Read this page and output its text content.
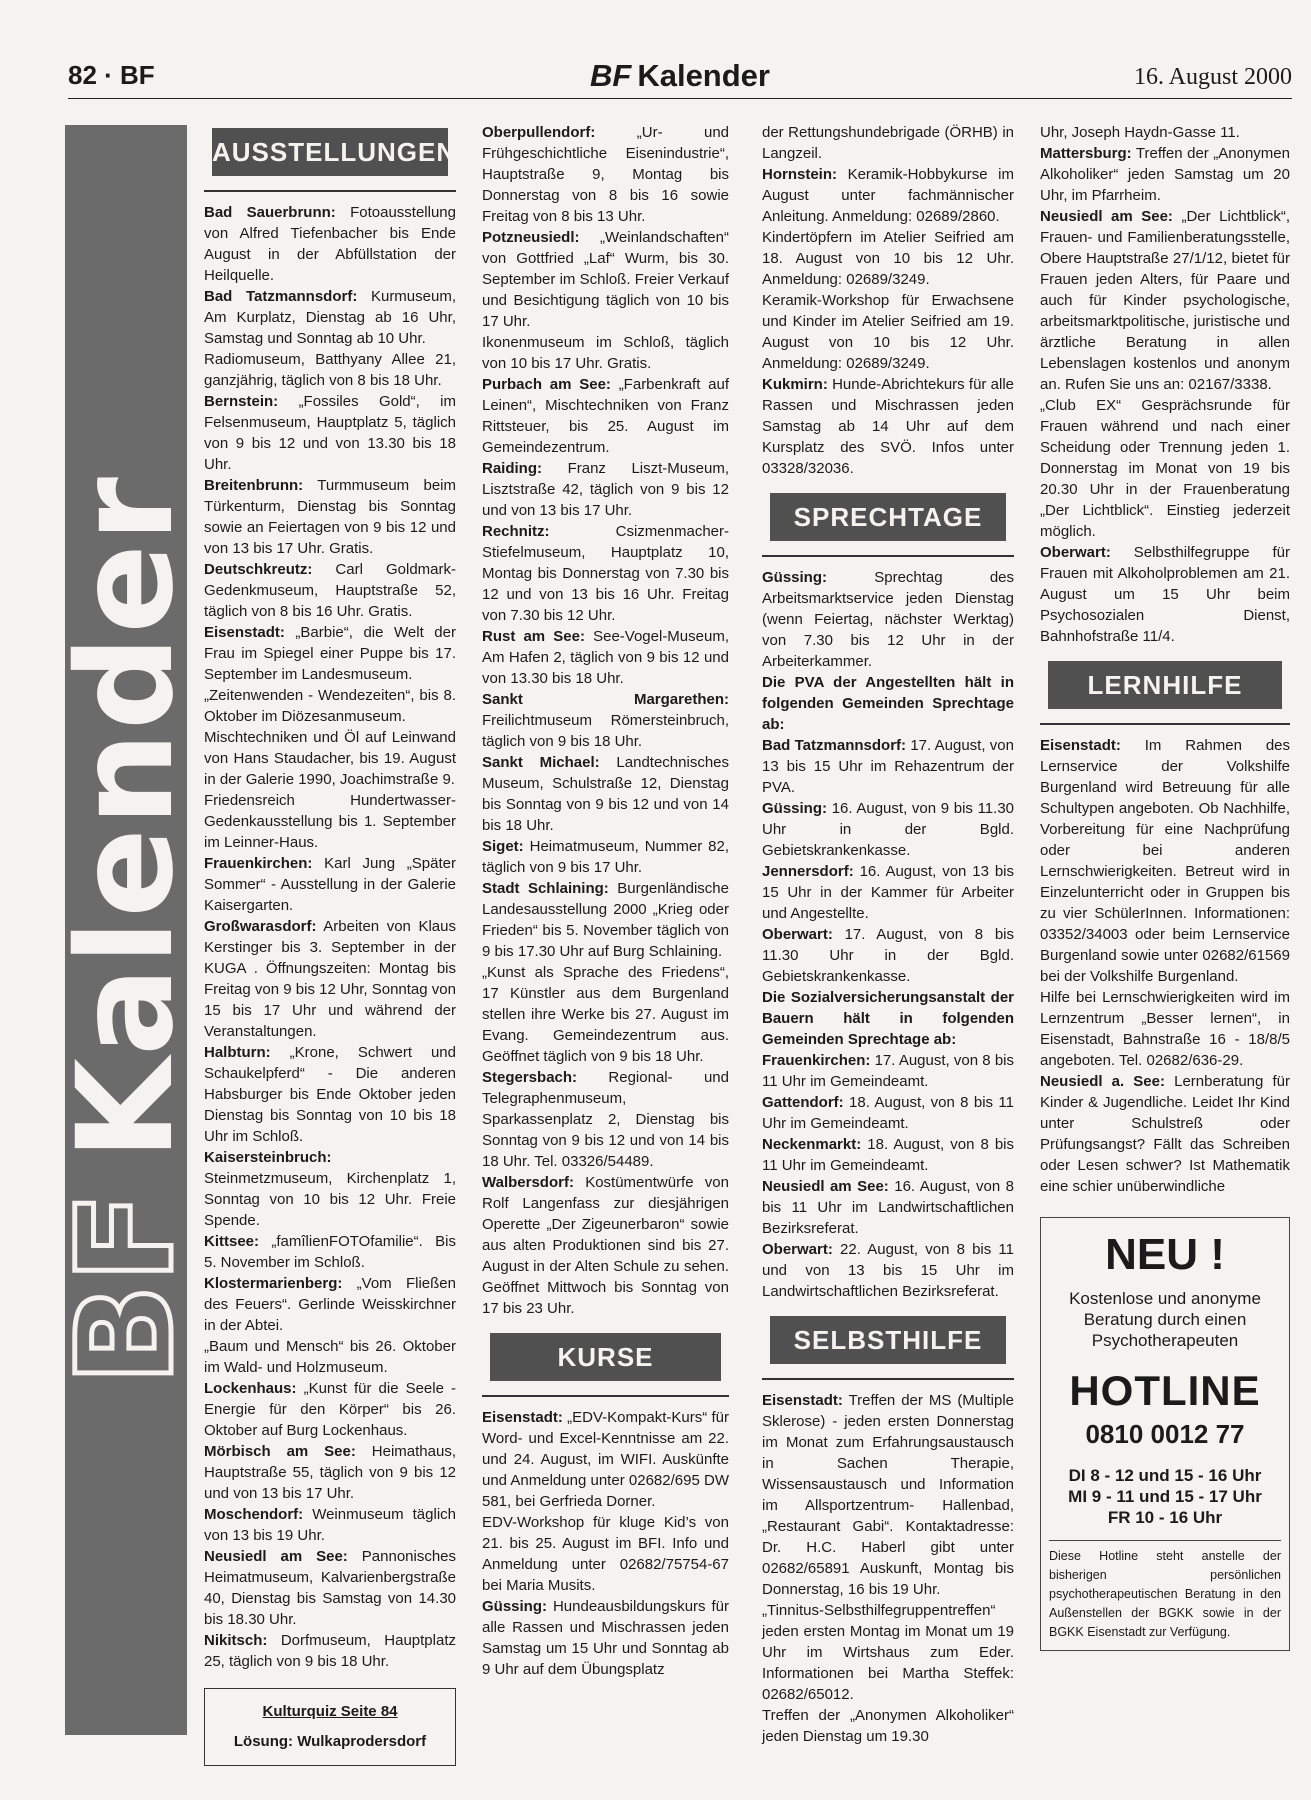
82 · BF	BF Kalender	16. August 2000
BFKalender
AUSSTELLUNGEN

Bad Sauerbrunn: Fotoausstellung von Alfred Tiefenbacher bis Ende August in der Abfüllstation der Heilquelle.

Bad Tatzmannsdorf: Kurmuseum, Am Kurplatz, Dienstag ab 16 Uhr, Samstag und Sonntag ab 10 Uhr.

Radiomuseum, Batthyany Allee 21, ganzjährig, täglich von 8 bis 18 Uhr.

Bernstein: „Fossiles Gold“, im Felsenmuseum, Hauptplatz 5, täglich von 9 bis 12 und von 13.30 bis 18 Uhr.

Breitenbrunn: Turmmuseum beim Türkenturm, Dienstag bis Sonntag sowie an Feiertagen von 9 bis 12 und von 13 bis 17 Uhr. Gratis.

Deutschkreutz: Carl Goldmark-Gedenkmuseum, Hauptstraße 52, täglich von 8 bis 16 Uhr. Gratis.

Eisenstadt: „Barbie“, die Welt der Frau im Spiegel einer Puppe bis 17. September im Landesmuseum.

„Zeitenwenden - Wendezeiten“, bis 8. Oktober im Diözesanmuseum.

Mischtechniken und Öl auf Leinwand von Hans Staudacher, bis 19. August in der Galerie 1990, Joachimstraße 9.

Friedensreich Hundertwasser-Gedenkausstellung bis 1. September im Leinner-Haus.

Frauenkirchen: Karl Jung „Später Sommer“ - Ausstellung in der Galerie Kaisergarten.

Großwarasdorf: Arbeiten von Klaus Kerstinger bis 3. September in der KUGA . Öffnungszeiten: Montag bis Freitag von 9 bis 12 Uhr, Sonntag von 15 bis 17 Uhr und während der Veranstaltungen.

Halbturn: „Krone, Schwert und Schaukelpferd“ - Die anderen Habsburger bis Ende Oktober jeden Dienstag bis Sonntag von 10 bis 18 Uhr im Schloß.

Kaisersteinbruch: Steinmetzmuseum, Kirchenplatz 1, Sonntag von 10 bis 12 Uhr. Freie Spende.

Kittsee: „famîlienFOTOfamilie“. Bis 5. November im Schloß.

Klostermarienberg: „Vom Fließen des Feuers“. Gerlinde Weisskirchner in der Abtei.

„Baum und Mensch“ bis 26. Oktober im Wald- und Holzmuseum.

Lockenhaus: „Kunst für die Seele - Energie für den Körper“ bis 26. Oktober auf Burg Lockenhaus.

Mörbisch am See: Heimathaus, Hauptstraße 55, täglich von 9 bis 12 und von 13 bis 17 Uhr.

Moschendorf: Weinmuseum täglich von 13 bis 19 Uhr.

Neusiedl am See: Pannonisches Heimatmuseum, Kalvarienbergstraße 40, Dienstag bis Samstag von 14.30 bis 18.30 Uhr.

Nikitsch: Dorfmuseum, Hauptplatz 25, täglich von 9 bis 18 Uhr.

Kulturquiz Seite 84
Lösung: Wulkaprodersdorf

Oberpullendorf:	„Ur- und Frühgeschichtliche Eisenindustrie“, Hauptstraße 9, Montag bis Donnerstag von 8 bis 16 sowie Freitag von 8 bis 13 Uhr.

Potzneusiedl: „Weinlandschaften“ von Gottfried „Laf“ Wurm, bis 30. September im Schloß. Freier Verkauf und Besichtigung täglich von 10 bis 17 Uhr.

Ikonenmuseum im Schloß, täglich von 10 bis 17 Uhr. Gratis.

Purbach am See: „Farbenkraft auf Leinen“, Mischtechniken von Franz Rittsteuer, bis 25. August im Gemeindezentrum.

Raiding: Franz Liszt-Museum, Lisztstraße 42, täglich von 9 bis 12 und von 13 bis 17 Uhr.

Rechnitz:	Csizmenmacher-Stiefelmuseum, Hauptplatz 10, Montag bis Donnerstag von 7.30 bis 12 und von 13 bis 16 Uhr. Freitag von 7.30 bis 12 Uhr.

Rust am See: See-Vogel-Museum, Am Hafen 2, täglich von 9 bis 12 und von 13.30 bis 18 Uhr.

Sankt Margarethen: Freilichtmuseum Römersteinbruch, täglich von 9 bis 18 Uhr.

Sankt Michael: Landtechnisches Museum, Schulstraße 12, Dienstag bis Sonntag von 9 bis 12 und von 14 bis 18 Uhr.

Siget: Heimatmuseum, Nummer 82, täglich von 9 bis 17 Uhr.

Stadt Schlaining: Burgenländische Landesausstellung 2000 „Krieg oder Frieden“ bis 5. November täglich von 9 bis 17.30 Uhr auf Burg Schlaining.

„Kunst als Sprache des Friedens“, 17 Künstler aus dem Burgenland stellen ihre Werke bis 27. August im Evang. Gemeindezentrum aus. Geöffnet täglich von 9 bis 18 Uhr.

Stegersbach: Regional- und Telegraphenmuseum, Sparkassenplatz 2, Dienstag bis Sonntag von 9 bis 12 und von 14 bis 18 Uhr. Tel. 03326/54489.

Walbersdorf: Kostümentwürfe von Rolf Langenfass zur diesjährigen Operette „Der Zigeunerbaron“ sowie aus alten Produktionen sind bis 27. August in der Alten Schule zu sehen. Geöffnet Mittwoch bis Sonntag von 17 bis 23 Uhr.

KURSE

Eisenstadt: „EDV-Kompakt-Kurs“ für Word- und Excel-Kenntnisse am 22. und 24. August, im WIFI. Auskünfte und Anmeldung unter 02682/695 DW 581, bei Gerfrieda Dorner.

EDV-Workshop für kluge Kid’s von 21. bis 25. August im BFI. Info und Anmeldung unter 02682/75754-67 bei Maria Musits.

Güssing: Hundeausbildungskurs für alle Rassen und Mischrassen jeden Samstag um 15 Uhr und Sonntag ab 9 Uhr auf dem Übungsplatz

der Rettungshundebrigade (ÖRHB) in Langzeil.

Hornstein: Keramik-Hobbykurse im August unter fachmännischer Anleitung. Anmeldung: 02689/2860.

Kindertöpfern im Atelier Seifried am 18. August von 10 bis 12 Uhr. Anmeldung: 02689/3249.

Keramik-Workshop für Erwachsene und Kinder im Atelier Seifried am 19. August von 10 bis 12 Uhr. Anmeldung: 02689/3249.

Kukmirn: Hunde-Abrichtekurs für alle Rassen und Mischrassen jeden Samstag ab 14 Uhr auf dem Kursplatz des SVÖ. Infos unter 03328/32036.

SPRECHTAGE

Güssing:	Sprechtag des Arbeitsmarktservice jeden Dienstag (wenn Feiertag, nächster Werktag) von 7.30 bis 12 Uhr in der Arbeiterkammer.

Die PVA der Angestellten hält in folgenden Gemeinden Sprechtage ab:

Bad Tatzmannsdorf: 17. August, von 13 bis 15 Uhr im Rehazentrum der PVA.

Güssing: 16. August, von 9 bis 11.30 Uhr in der Bgld. Gebietskrankenkasse.

Jennersdorf: 16. August, von 13 bis 15 Uhr in der Kammer für Arbeiter und Angestellte.

Oberwart: 17. August, von 8 bis 11.30 Uhr in der Bgld. Gebietskrankenkasse.

Die Sozialversicherungsanstalt der Bauern hält in folgenden Gemeinden Sprechtage ab:

Frauenkirchen: 17. August, von 8 bis 11 Uhr im Gemeindeamt.

Gattendorf: 18. August, von 8 bis 11 Uhr im Gemeindeamt.

Neckenmarkt: 18. August, von 8 bis 11 Uhr im Gemeindeamt.

Neusiedl am See: 16. August, von 8 bis 11 Uhr im Landwirtschaftlichen Bezirksreferat.

Oberwart: 22. August, von 8 bis 11 und von 13 bis 15 Uhr im Landwirtschaftlichen Bezirksreferat.

SELBSTHILFE

Eisenstadt: Treffen der MS (Multiple Sklerose) - jeden ersten Donnerstag im Monat zum Erfahrungsaustausch in Sachen Therapie, Wissensaustausch und Information im Allsportzentrum- Hallenbad, „Restaurant Gabi“. Kontaktadresse: Dr. H.C. Haberl gibt unter 02682/65891 Auskunft, Montag bis Donnerstag, 16 bis 19 Uhr.

„Tinnitus-Selbsthilfegruppentreffen“ jeden ersten Montag im Monat um 19 Uhr im Wirtshaus zum Eder. Informationen bei Martha Steffek: 02682/65012.

Treffen der „Anonymen Alkoholiker“ jeden Dienstag um 19.30

Uhr, Joseph Haydn-Gasse 11.

Mattersburg: Treffen der „Anonymen Alkoholiker“ jeden Samstag um 20 Uhr, im Pfarrheim.

Neusiedl am See: „Der Lichtblick“, Frauen- und Familienberatungsstelle, Obere Hauptstraße 27/1/12, bietet für Frauen jeden Alters, für Paare und auch für Kinder psychologische, arbeitsmarktpolitische, juristische und ärztliche Beratung in allen Lebenslagen kostenlos und anonym an. Rufen Sie uns an: 02167/3338.

„Club EX“ Gesprächsrunde für Frauen während und nach einer Scheidung oder Trennung jeden 1. Donnerstag im Monat von 19 bis 20.30 Uhr in der Frauenberatung „Der Lichtblick“. Einstieg jederzeit möglich.

Oberwart: Selbsthilfegruppe für Frauen mit Alkoholproblemen am 21. August um 15 Uhr beim Psychosozialen Dienst, Bahnhofstraße 11/4.

LERNHILFE

Eisenstadt: Im Rahmen des Lernservice der Volkshilfe Burgenland wird Betreuung für alle Schultypen angeboten. Ob Nachhilfe, Vorbereitung für eine Nachprüfung oder bei anderen Lernschwierigkeiten. Betreut wird in Einzelunterricht oder in Gruppen bis zu vier SchülerInnen. Informationen: 03352/34003 oder beim Lernservice Burgenland sowie unter 02682/61569 bei der Volkshilfe Burgenland.

Hilfe bei Lernschwierigkeiten wird im Lernzentrum „Besser lernen“, in Eisenstadt, Bahnstraße 16 - 18/8/5 angeboten. Tel. 02682/636-29.

Neusiedl a. See: Lernberatung für Kinder & Jugendliche. Leidet Ihr Kind unter Schulstreß oder Prüfungsangst? Fällt das Schreiben oder Lesen schwer? Ist Mathematik eine schier unüberwindliche

NEU !
Kostenlose und anonyme
Beratung durch einen
Psychotherapeuten
HOTLINE
0810 0012 77
DI 8 - 12 und 15 - 16 Uhr
MI 9 - 11 und 15 - 17 Uhr
FR 10 - 16 Uhr
Diese Hotline steht anstelle der bisherigen persönlichen psychotherapeutischen Beratung in den Außenstellen der BGKK sowie in der BGKK Eisenstadt zur Verfügung.
